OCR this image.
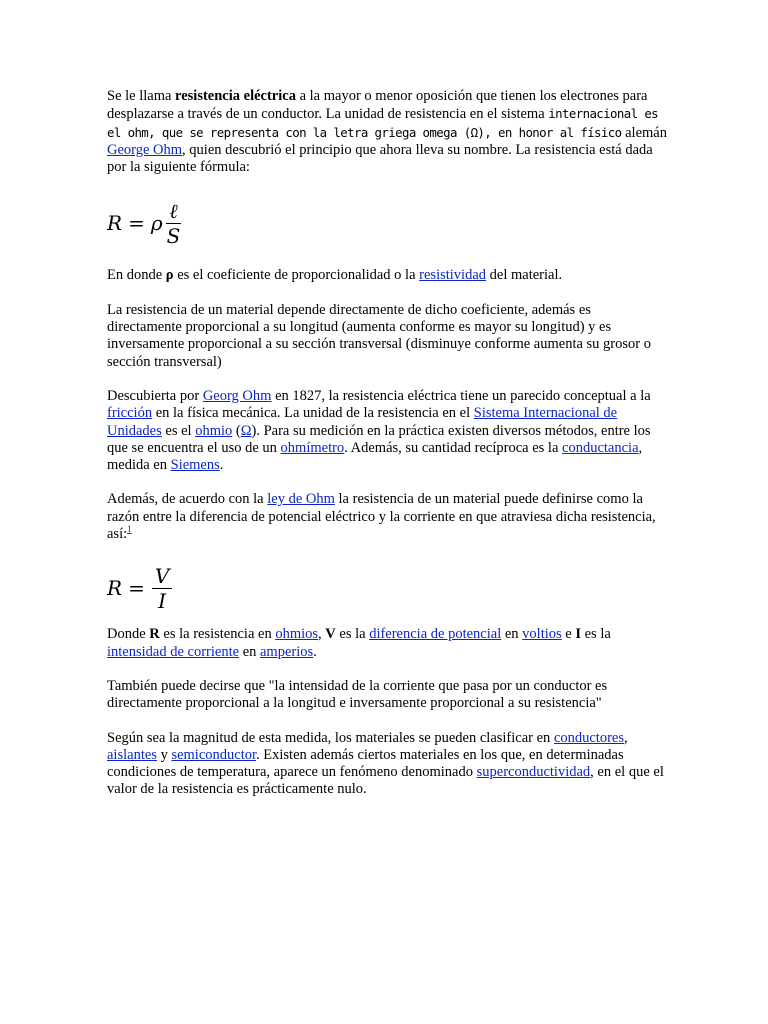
Se le llama resistencia eléctrica a la mayor o menor oposición que tienen los electrones para desplazarse a través de un conductor. La unidad de resistencia en el sistema internacional es el ohm, que se representa con la letra griega omega (Ω), en honor al físico alemán George Ohm, quien descubrió el principio que ahora lleva su nombre. La resistencia está dada por la siguiente fórmula:

R = ρ $\frac{\text{ℓ}}{S}$

En donde ρ es el coeficiente de proporcionalidad o la resistividad del material.

La resistencia de un material depende directamente de dicho coeficiente, además es directamente proporcional a su longitud (aumenta conforme es mayor su longitud) y es inversamente proporcional a su sección transversal (disminuye conforme aumenta su grosor o sección transversal)

Descubierta por Georg Ohm en 1827, la resistencia eléctrica tiene un parecido conceptual a la fricción en la física mecánica. La unidad de la resistencia en el Sistema Internacional de Unidades es el ohmio (Ω). Para su medición en la práctica existen diversos métodos, entre los que se encuentra el uso de un ohmímetro. Además, su cantidad recíproca es la conductancia, medida en Siemens.

Además, de acuerdo con la ley de Ohm la resistencia de un material puede definirse como la razón entre la diferencia de potencial eléctrico y la corriente en que atraviesa dicha resistencia, así:$^1$

$R = \frac{V}{I}$

Donde R es la resistencia en ohmios, V es la diferencia de potencial en voltios e I es la intensidad de corriente en amperios.

También puede decirse que "la intensidad de la corriente que pasa por un conductor es directamente proporcional a la longitud e inversamente proporcional a su resistencia"

Según sea la magnitud de esta medida, los materiales se pueden clasificar en conductores, aislantes y semiconductor. Existen además ciertos materiales en los que, en determinadas condiciones de temperatura, aparece un fenómeno denominado superconductividad, en el que el valor de la resistencia es prácticamente nulo.
